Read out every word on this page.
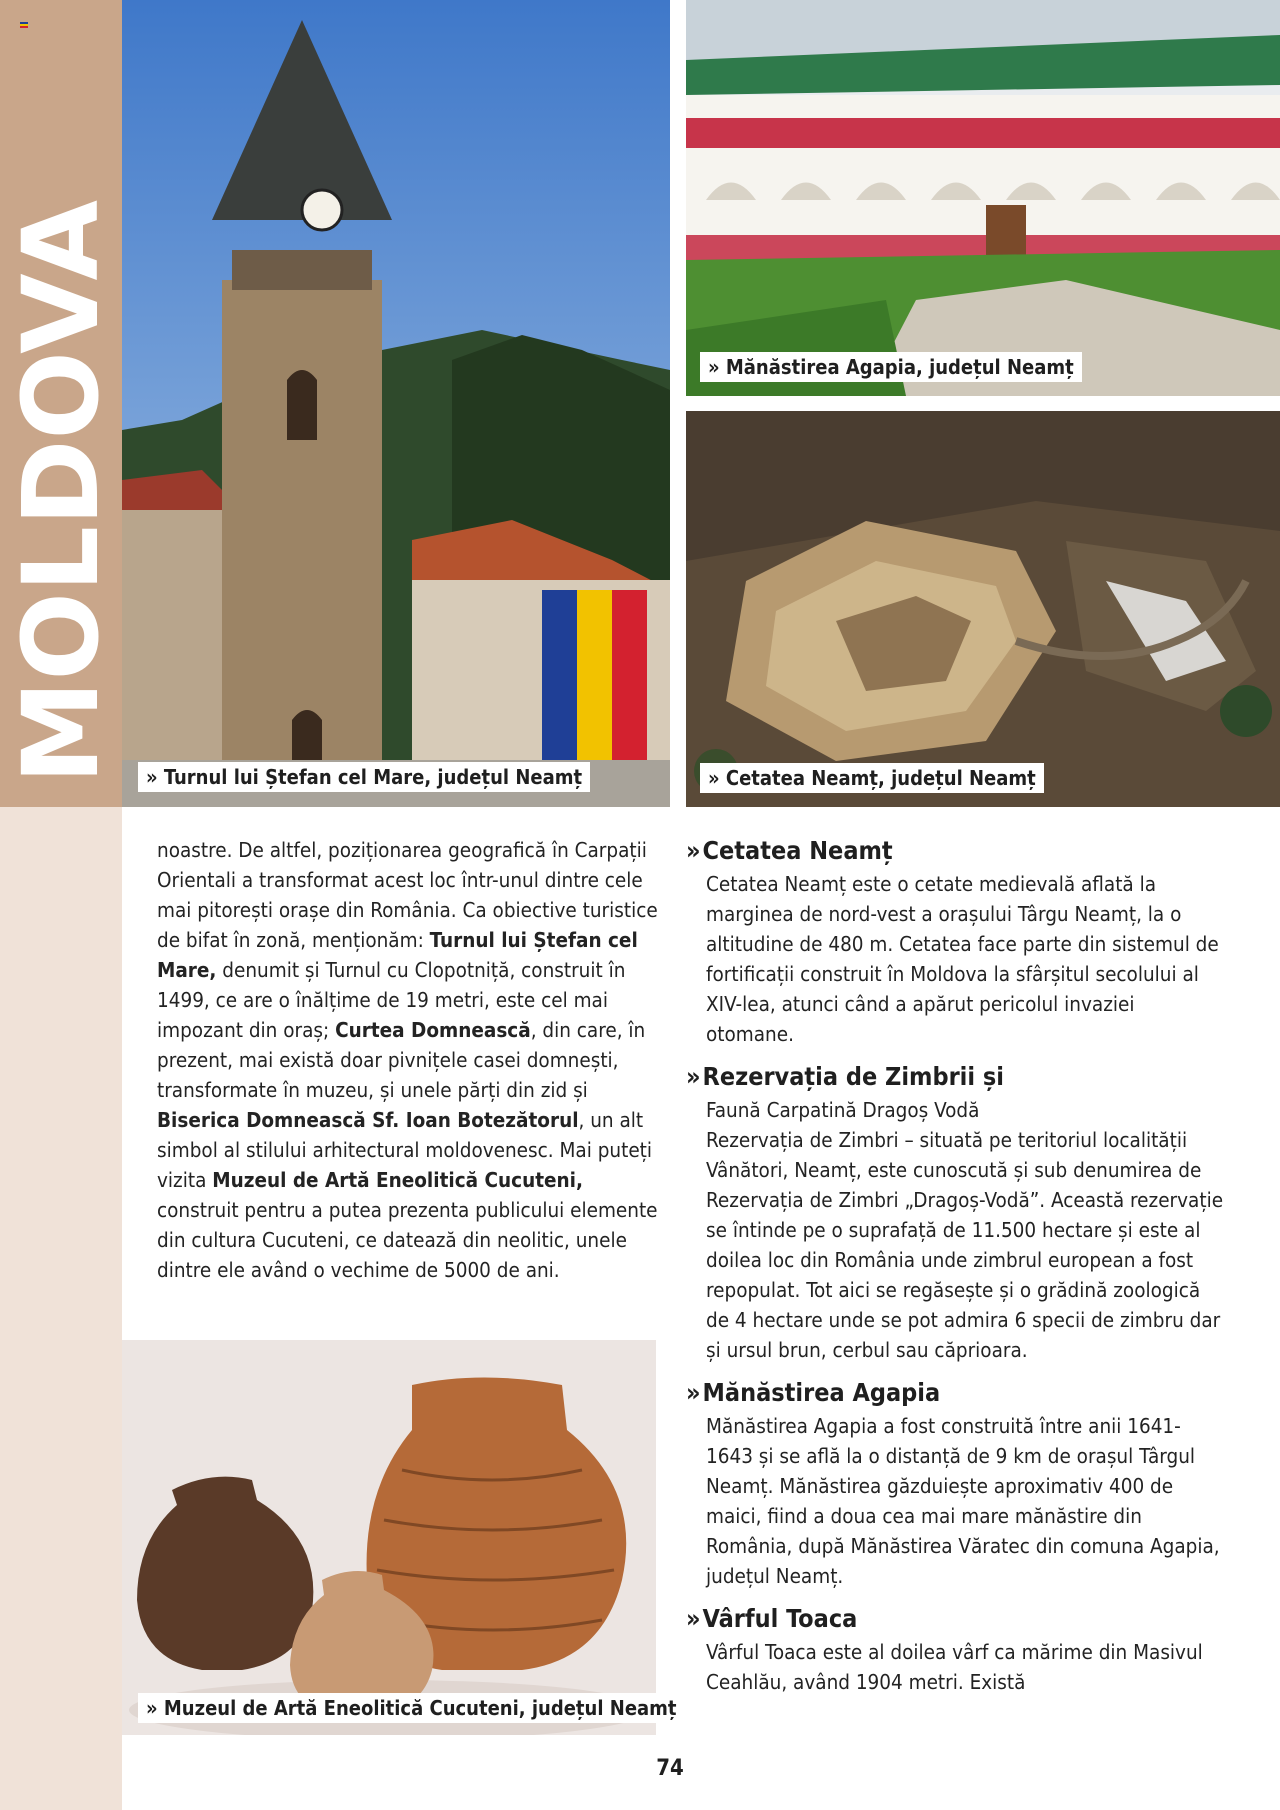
MOLDOVA	» Turnul lui Ștefan cel Mare, județul Neamț
» Mănăstirea Agapia, județul Neamț
» Cetatea Neamț, județul Neamț
noastre. De altfel, poziționarea geografică în Carpații Orientali a transformat acest loc într-unul dintre cele mai pitorești orașe din România. Ca obiective turistice de bifat în zonă, menționăm: Turnul lui Ștefan cel Mare, denumit și Turnul cu Clopotniță, construit în 1499, ce are o înălțime de 19 metri, este cel mai impozant din oraș; Curtea Domnească, din care, în prezent, mai există doar pivnițele casei domnești, transformate în muzeu, și unele părți din zid și Biserica Domnească Sf. Ioan Botezătorul, un alt simbol al stilului arhitectural moldovenesc. Mai puteți vizita Muzeul de Artă Eneolitică Cucuteni, construit pentru a putea prezenta publicului elemente din cultura Cucuteni, ce datează din neolitic, unele dintre ele având o vechime de 5000 de ani.
» Muzeul de Artă Eneolitică Cucuteni, județul Neamț
»Cetatea Neamț

Cetatea Neamț este o cetate medievală aflată la marginea de nord-vest a orașului Târgu Neamț, la o altitudine de 480 m. Cetatea face parte din sistemul de fortificații construit în Moldova la sfârșitul secolului al XIV-lea, atunci când a apărut pericolul invaziei otomane.

»Rezervația de Zimbrii și

Faună Carpatină Dragoș Vodă

Rezervația de Zimbri – situată pe teritoriul localității Vânători, Neamț, este cunoscută și sub denumirea de Rezervația de Zimbri „Dragoș-Vodă”. Această rezervație se întinde pe o suprafață de 11.500 hectare și este al doilea loc din România unde zimbrul european a fost repopulat. Tot aici se regăsește și o grădină zoologică de 4 hectare unde se pot admira 6 specii de zimbru dar și ursul brun, cerbul sau căprioara.

»Mănăstirea Agapia

Mănăstirea Agapia a fost construită între anii 1641- 1643 și se află la o distanță de 9 km de orașul Târgul Neamț. Mănăstirea găzduiește aproximativ 400 de maici, fiind a doua cea mai mare mănăstire din România, după Mănăstirea Văratec din comuna Agapia, județul Neamț.

»Vârful Toaca

Vârful Toaca este al doilea vârf ca mărime din Masivul Ceahlău, având 1904 metri. Există

74
